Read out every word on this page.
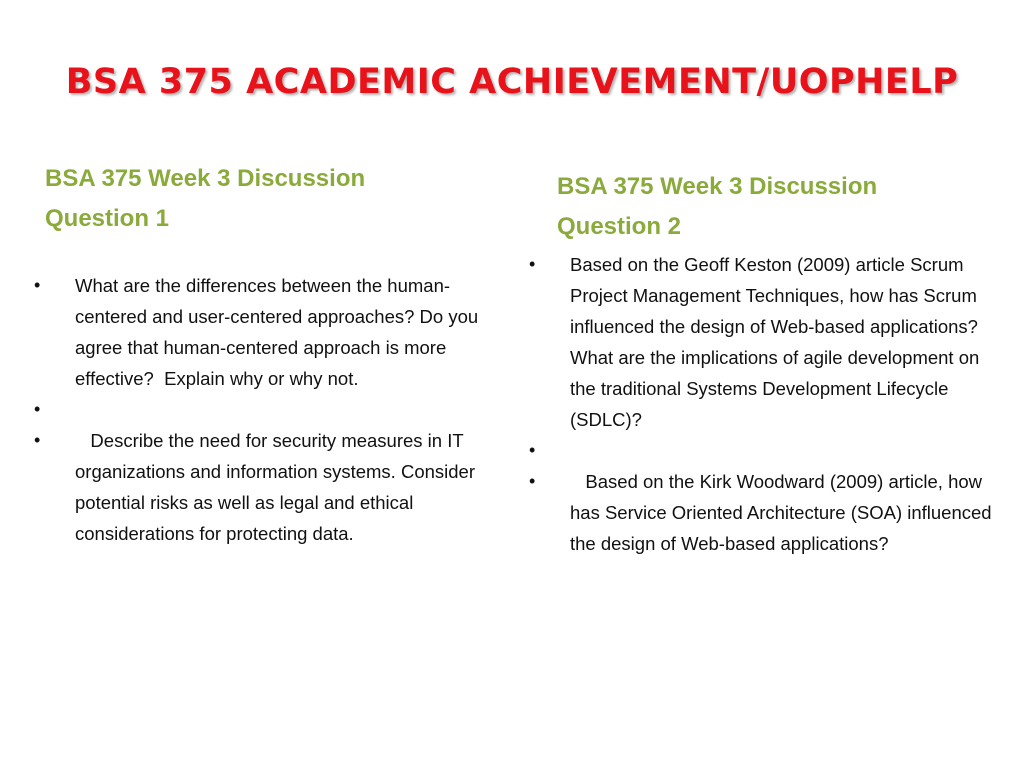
BSA 375 ACADEMIC ACHIEVEMENT/UOPHELP
BSA 375 Week 3 Discussion Question 1
• What are the differences between the human-centered and user-centered approaches? Do you agree that human-centered approach is more effective?  Explain why or why not.
•
• Describe the need for security measures in IT organizations and information systems. Consider potential risks as well as legal and ethical considerations for protecting data.
BSA 375 Week 3 Discussion Question 2
• Based on the Geoff Keston (2009) article Scrum Project Management Techniques, how has Scrum influenced the design of Web-based applications? What are the implications of agile development on the traditional Systems Development Lifecycle (SDLC)?
•
• Based on the Kirk Woodward (2009) article, how has Service Oriented Architecture (SOA) influenced the design of Web-based applications?
